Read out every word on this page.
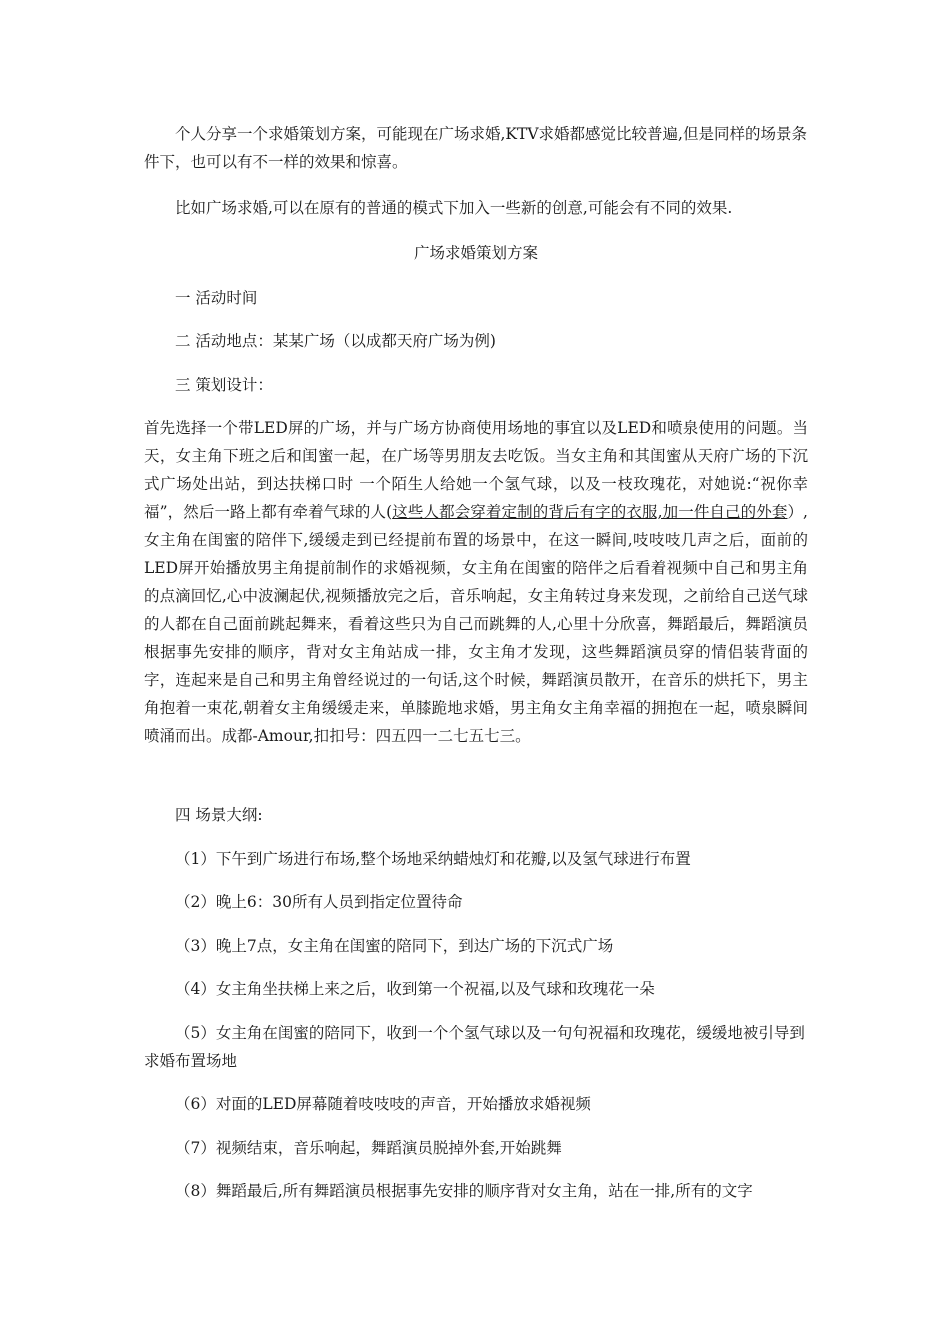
个人分享一个求婚策划方案，可能现在广场求婚,KTV求婚都感觉比较普遍,但是同样的场景条件下，也可以有不一样的效果和惊喜。

比如广场求婚,可以在原有的普通的模式下加入一些新的创意,可能会有不同的效果.

广场求婚策划方案

一 活动时间

二 活动地点：某某广场（以成都天府广场为例)

三 策划设计：

首先选择一个带LED屏的广场，并与广场方协商使用场地的事宜以及LED和喷泉使用的问题。当天，女主角下班之后和闺蜜一起，在广场等男朋友去吃饭。当女主角和其闺蜜从天府广场的下沉式广场处出站，到达扶梯口时 一个陌生人给她一个氢气球，以及一枝玫瑰花，对她说:“祝你幸福”，然后一路上都有牵着气球的人(这些人都会穿着定制的背后有字的衣服,加一件自己的外套）,女主角在闺蜜的陪伴下,缓缓走到已经提前布置的场景中，在这一瞬间,吱吱吱几声之后，面前的LED屏开始播放男主角提前制作的求婚视频，女主角在闺蜜的陪伴之后看着视频中自己和男主角的点滴回忆,心中波澜起伏,视频播放完之后，音乐响起，女主角转过身来发现，之前给自己送气球的人都在自己面前跳起舞来，看着这些只为自己而跳舞的人,心里十分欣喜，舞蹈最后，舞蹈演员根据事先安排的顺序，背对女主角站成一排，女主角才发现，这些舞蹈演员穿的情侣装背面的字，连起来是自己和男主角曾经说过的一句话,这个时候，舞蹈演员散开，在音乐的烘托下，男主角抱着一束花,朝着女主角缓缓走来，单膝跪地求婚，男主角女主角幸福的拥抱在一起，喷泉瞬间喷涌而出。成都-Amour,扣扣号：四五四一二七五七三。

四 场景大纲:

（1）下午到广场进行布场,整个场地采纳蜡烛灯和花瓣,以及氢气球进行布置

（2）晚上6：30所有人员到指定位置待命

（3）晚上7点，女主角在闺蜜的陪同下，到达广场的下沉式广场

（4）女主角坐扶梯上来之后，收到第一个祝福,以及气球和玫瑰花一朵

（5）女主角在闺蜜的陪同下，收到一个个氢气球以及一句句祝福和玫瑰花，缓缓地被引导到求婚布置场地

（6）对面的LED屏幕随着吱吱吱的声音，开始播放求婚视频

（7）视频结束，音乐响起，舞蹈演员脱掉外套,开始跳舞

（8）舞蹈最后,所有舞蹈演员根据事先安排的顺序背对女主角，站在一排,所有的文字
